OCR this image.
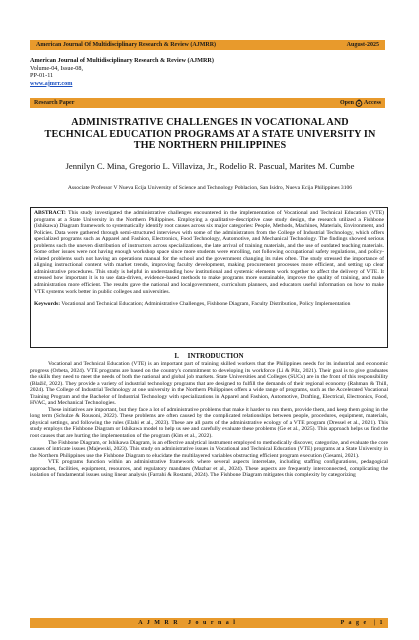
American Journal Of Multidisciplinary Research & Review (AJMRR)	August-2025
American Journal of Multidisciplinary Research & Review (AJMRR)
Volume-04, Issue-08,
PP-01-11
www.ajmrr.com
Research Paper	Open Access
ADMINISTRATIVE CHALLENGES IN VOCATIONAL AND TECHNICAL EDUCATION PROGRAMS AT A STATE UNIVERSITY IN THE NORTHERN PHILIPPINES
Jennilyn C. Mina, Gregorio L. Villaviza, Jr., Rodelio R. Pascual, Marites M. Cumbe
Associate Professor V Nueva Ecija University of Science and Technology Poblacion, San Isidro, Nueva Ecija Philippines 3106
ABSTRACT: This study investigated the administrative challenges encountered in the implementation of Vocational and Technical Education (VTE) programs at a State University in the Northern Philippines. Employing a qualitative-descriptive case study design, the research utilized a Fishbone (Ishikawa) Diagram framework to systematically identify root causes across six major categories: People, Methods, Machines, Materials, Environment, and Policies. Data were gathered through semi-structured interviews with some of the administrators from the College of Industrial Technology, which offers specialized programs such as Apparel and Fashion, Electronics, Food Technology, Automotive, and Mechanical Technology. The findings showed serious problems such the uneven distribution of instructors across specializations, the late arrival of training materials, and the use of outdated teaching materials. Some other issues were not having enough workshop space since more students were enrolling, not following occupational safety regulations, and policy-related problems such not having an operations manual for the school and the government changing its rules often. The study stressed the importance of aligning instructional content with market trends, improving faculty development, making procurement processes more efficient, and setting up clear administrative procedures. This study is helpful in understanding how institutional and systemic elements work together to affect the delivery of VTE. It stressed how important it is to use data-driven, evidence-based methods to make programs more sustainable, improve the quality of training, and make administration more efficient. The results gave the national and localgovernment, curriculum planners, and educators useful information on how to make VTE systems work better in public colleges and universities.
Keywords: Vocational and Technical Education; Administrative Challenges, Fishbone Diagram, Faculty Distribution, Policy Implementation
I.     INTRODUCTION

Vocational and Technical Education (VTE) is an important part of training skilled workers that the Philippines needs for its industrial and economic progress (Orbeta, 2024). VTE programs are based on the country's commitment to developing its workforce (Li & Pilz, 2021). Their goal is to give graduates the skills they need to meet the needs of both the national and global job markets. State Universities and Colleges (SUCs) are in the front of this responsibility (Blažič, 2022). They provide a variety of industrial technology programs that are designed to fulfill the demands of their regional economy (Rahman & Thill, 2024). The College of Industrial Technology at one university in the Northern Philippines offers a wide range of programs, such as the Accelerated Vocational Training Program and the Bachelor of Industrial Technology with specializations in Apparel and Fashion, Automotive, Drafting, Electrical, Electronics, Food, HVAC, and Mechanical Technologies.

These initiatives are important, but they face a lot of administrative problems that make it harder to run them, provide them, and keep them going in the long term (Schulze & Rousoni, 2022). These problems are often caused by the complicated relationships between people, procedures, equipment, materials, physical settings, and following the rules (Elahi et al., 2023). These are all parts of the administrative ecology of a VTE program (Dressel et al., 2021). This study employs the Fishbone Diagram or Ishikawa model to help us see and carefully evaluate these problems (Ge et al., 2025). This approach helps us find the root causes that are hurting the implementation of the program (Kim et al., 2022).

The Fishbone Diagram, or Ishikawa Diagram, is an effective analytical instrument employed to methodically discover, categorize, and evaluate the core causes of intricate issues (Majewski, 2023). This study on administrative issues in Vocational and Technical Education (VTE) programs at a State University in the Northern Philippines use the Fishbone Diagram to elucidate the multilayered variables obstructing efficient program execution (Gesami, 2021).

VTE programs function within an administrative framework where several aspects interrelate, including staffing configurations, pedagogical approaches, facilities, equipment, resources, and regulatory mandates (Mazhar et al., 2024). These aspects are frequently interconnected, complicating the isolation of fundamental issues using linear analysis (Farrahi & Rostami, 2024). The Fishbone Diagram mitigates this complexity by categorizing

A J M R R   J o u r n a l	P a g e  | 1
